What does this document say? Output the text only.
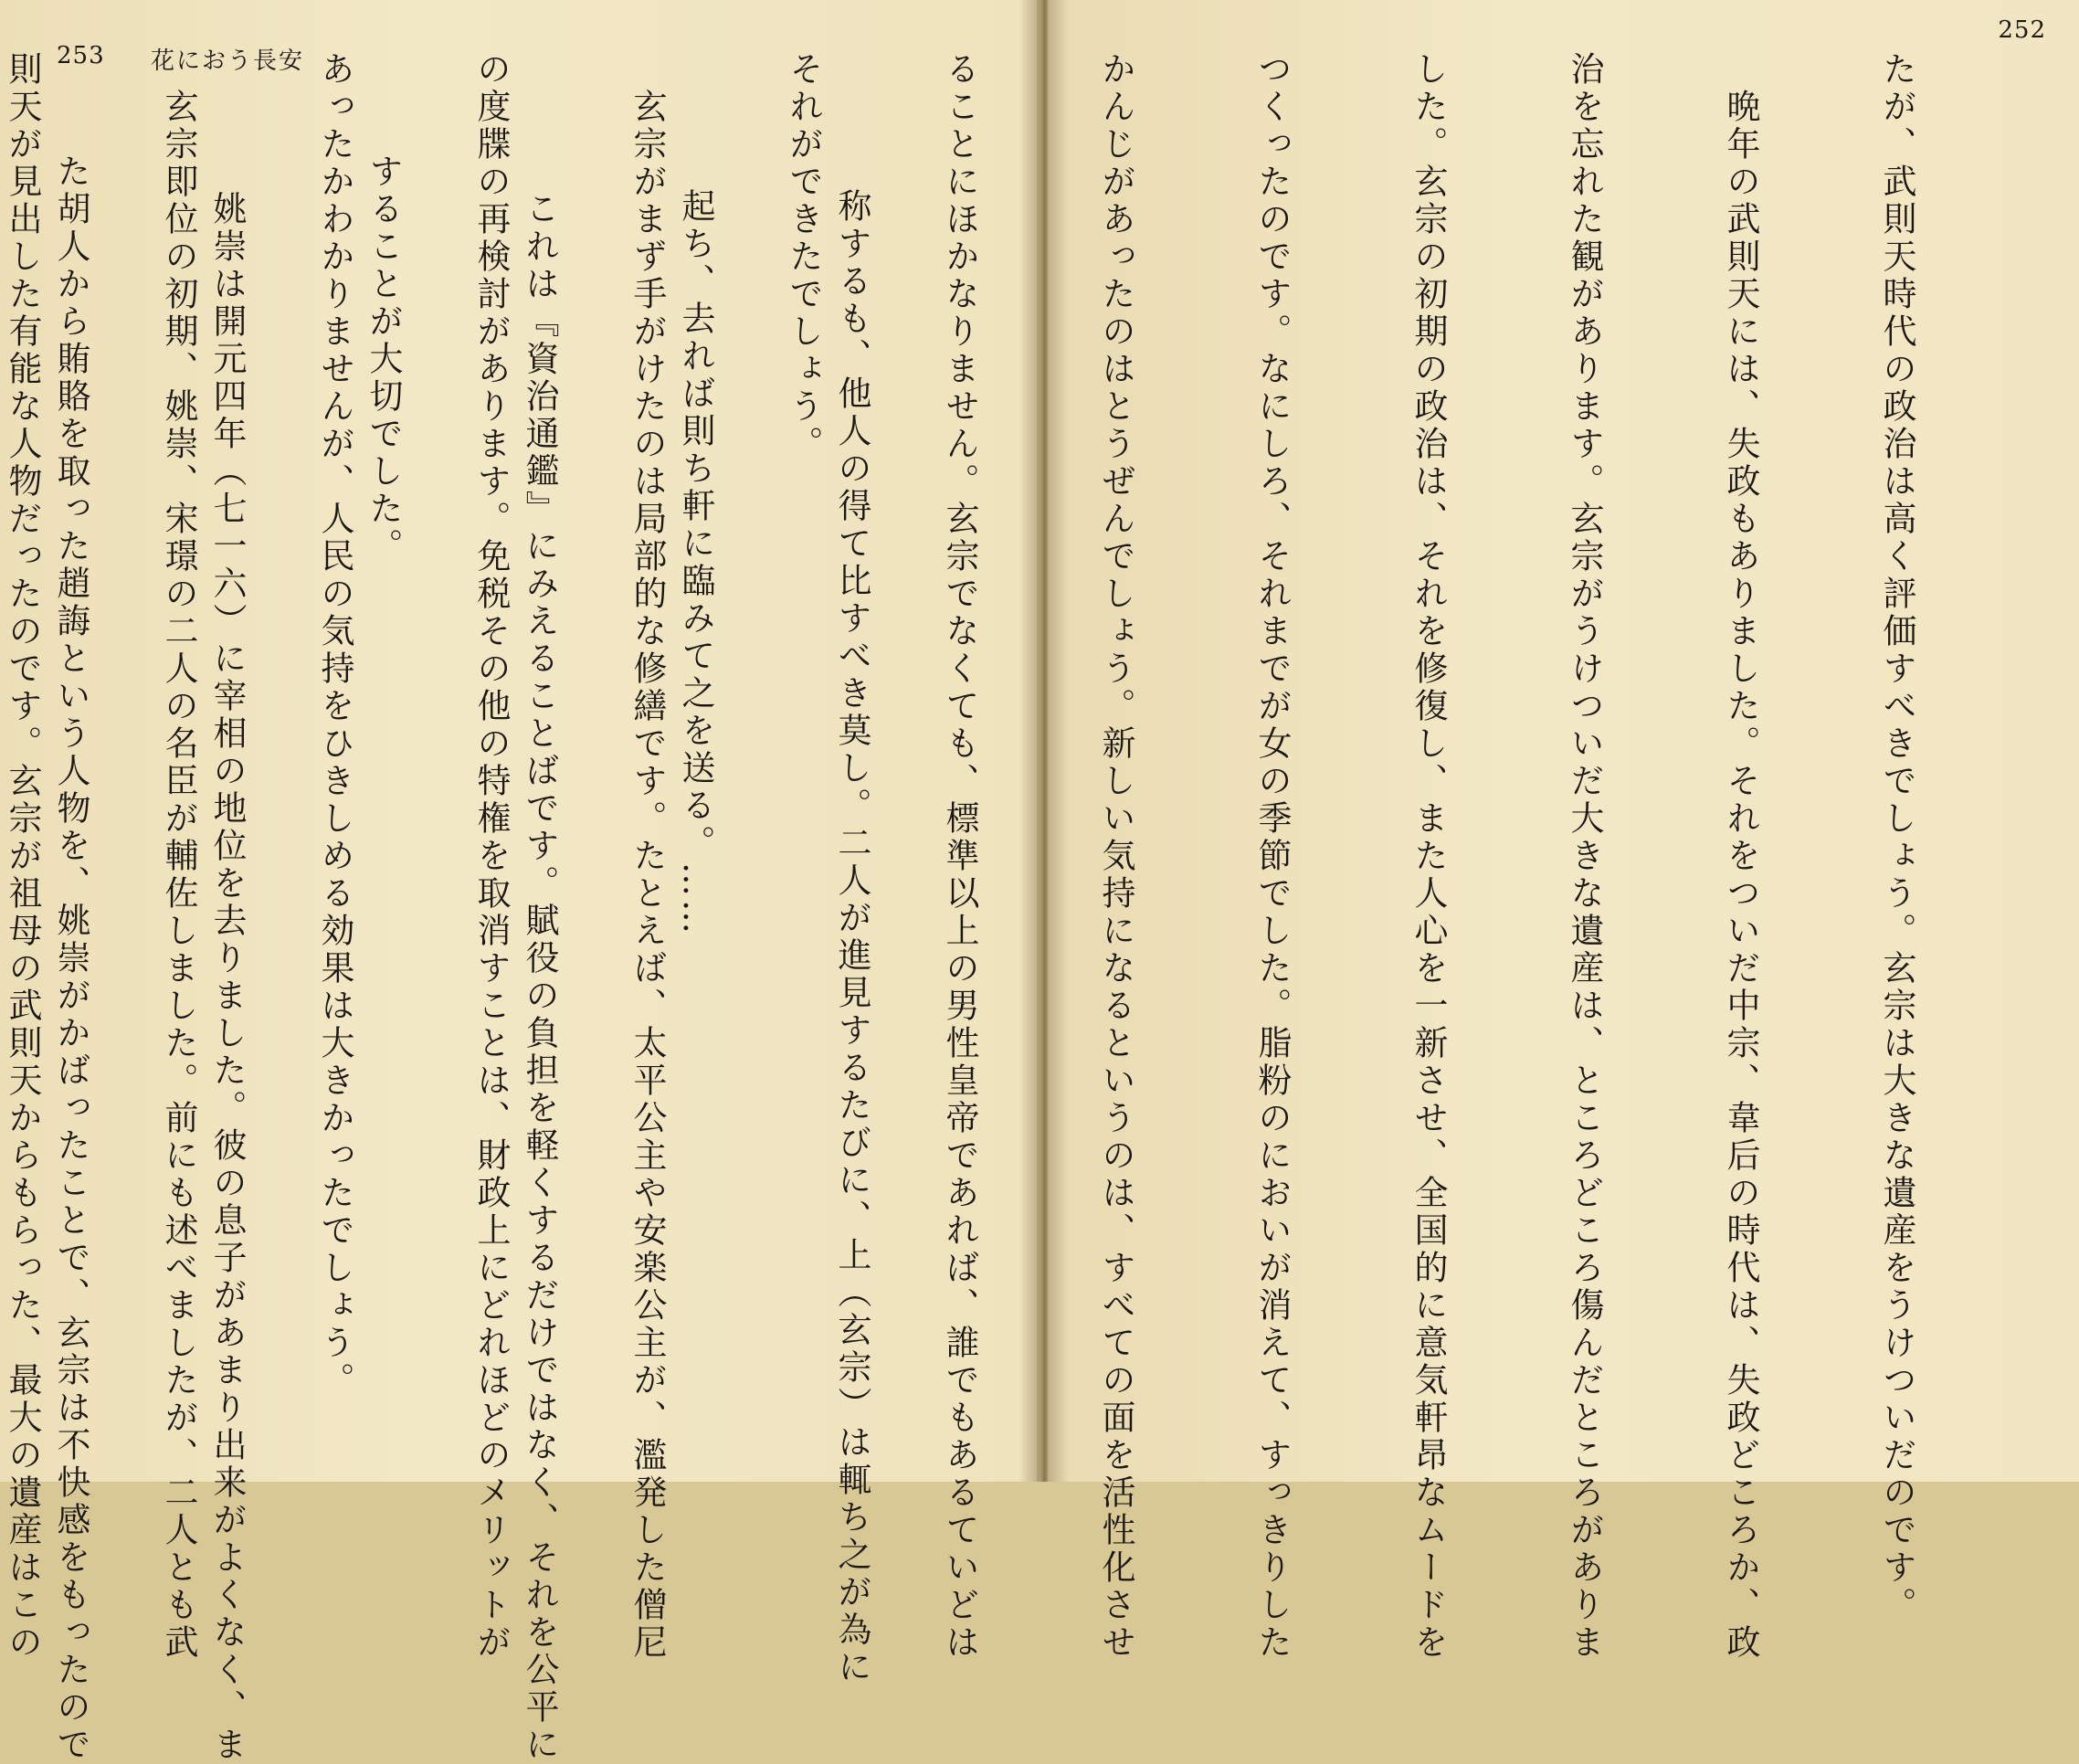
253 花におう長安

称するも、他人の得て比すべき莫し。二人が進見するたびに、上（玄宗）は輒ち之が為に

起ち、去れば則ち軒に臨みて之を送る。……

　これは『資治通鑑』にみえることばです。賦役の負担を軽くするだけではなく、それを公平に

することが大切でした。

　姚崇は開元四年（七一六）に宰相の地位を去りました。彼の息子があまり出来がよくなく、ま

た胡人から賄賂を取った趙誨という人物を、姚崇がかばったことで、玄宗は不快感をもったので

252

たが、武則天時代の政治は高く評価すべきでしょう。玄宗は大きな遺産をうけついだのです。

　晩年の武則天には、失政もありました。それをついだ中宗、韋后の時代は、失政どころか、政

治を忘れた観があります。玄宗がうけついだ大きな遺産は、ところどころ傷んだところがありま

した。玄宗の初期の政治は、それを修復し、また人心を一新させ、全国的に意気軒昂なムードを

つくったのです。なにしろ、それまでが女の季節でした。脂粉のにおいが消えて、すっきりした

かんじがあったのはとうぜんでしょう。新しい気持になるというのは、すべての面を活性化させ

ることにほかなりません。玄宗でなくても、標準以上の男性皇帝であれば、誰でもあるていどは

それができたでしょう。

　玄宗がまず手がけたのは局部的な修繕です。たとえば、太平公主や安楽公主が、濫発した僧尼

の度牒の再検討があります。免税その他の特権を取消すことは、財政上にどれほどのメリットが

あったかわかりませんが、人民の気持をひきしめる効果は大きかったでしょう。

　玄宗即位の初期、姚崇、宋璟の二人の名臣が輔佐しました。前にも述べましたが、二人とも武

則天が見出した有能な人物だったのです。玄宗が祖母の武則天からもらった、最大の遺産はこの
